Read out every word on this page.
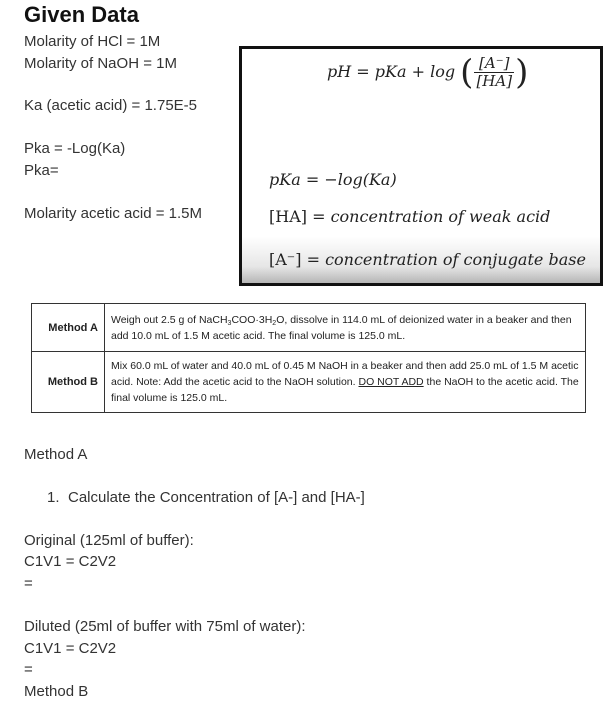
Given Data
Molarity of HCl = 1M
Molarity of NaOH = 1M
Ka (acetic acid) = 1.75E-5
Pka = -Log(Ka)
Pka=
Molarity acetic acid = 1.5M
pH = pKa + log ( $\frac{[A^-]}{[HA]}$ )
pKa = −log(Ka)
[HA] = concentration of weak acid
[A⁻] = concentration of conjugate base
Method A	Weigh out 2.5 g of $NaCH_3COO\cdot 3H_2O$, dissolve in 114.0 mL of deionized water in a beaker and then add 10.0 mL of 1.5 M acetic acid. The final volume is 125.0 mL.
Method B	Mix 60.0 mL of water and 40.0 mL of 0.45 M NaOH in a beaker and then add 25.0 mL of 1.5 M acetic acid. Note: Add the acetic acid to the NaOH solution. DO NOT ADD the NaOH to the acetic acid. The final volume is 125.0 mL.
Method A
1. Calculate the Concentration of [A-] and [HA-]
Original (125ml of buffer):
C1V1 = C2V2
=
Diluted (25ml of buffer with 75ml of water):
C1V1 = C2V2
=
Method B
